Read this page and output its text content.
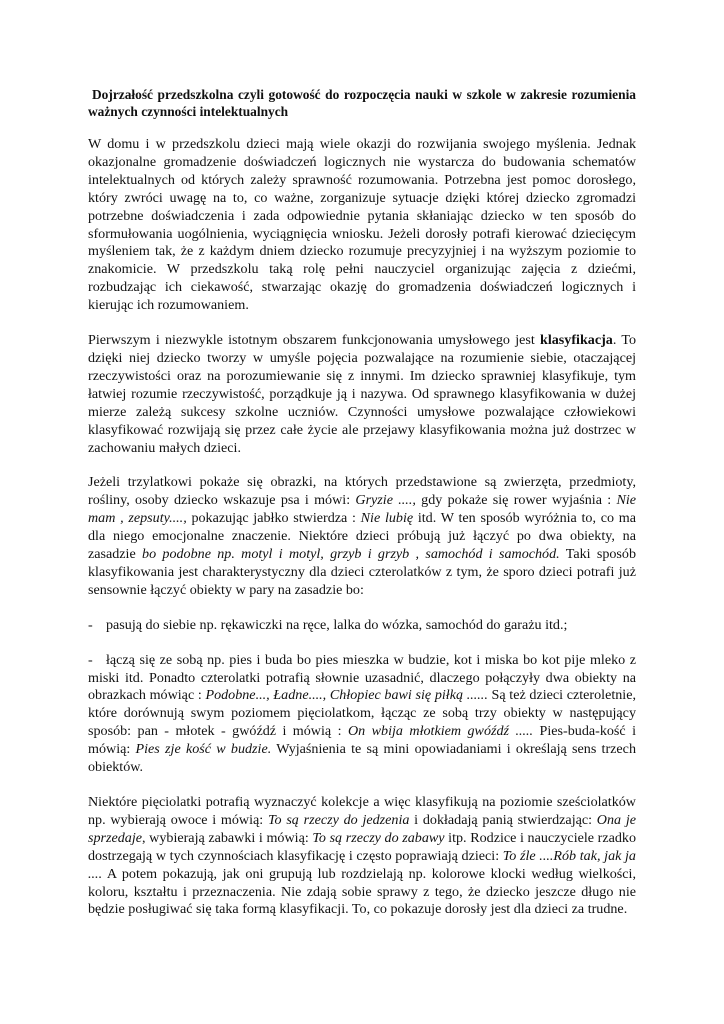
Dojrzałość przedszkolna czyli gotowość do rozpoczęcia nauki w szkole w zakresie rozumienia ważnych czynności intelektualnych

W domu i w przedszkolu dzieci mają wiele okazji do rozwijania swojego myślenia. Jednak okazjonalne gromadzenie doświadczeń logicznych nie wystarcza do budowania schematów intelektualnych od których zależy sprawność rozumowania. Potrzebna jest pomoc dorosłego, który zwróci uwagę na to, co ważne, zorganizuje sytuacje dzięki której dziecko zgromadzi potrzebne doświadczenia i zada odpowiednie pytania skłaniając dziecko w ten sposób do sformułowania uogólnienia, wyciągnięcia wniosku. Jeżeli dorosły potrafi kierować dziecięcym myśleniem tak, że z każdym dniem dziecko rozumuje precyzyjniej i na wyższym poziomie to znakomicie. W przedszkolu taką rolę pełni nauczyciel organizując zajęcia z dziećmi, rozbudzając ich ciekawość, stwarzając okazję do gromadzenia doświadczeń logicznych i kierując ich rozumowaniem.

Pierwszym i niezwykle istotnym obszarem funkcjonowania umysłowego jest klasyfikacja. To dzięki niej dziecko tworzy w umyśle pojęcia pozwalające na rozumienie siebie, otaczającej rzeczywistości oraz na porozumiewanie się z innymi. Im dziecko sprawniej klasyfikuje, tym łatwiej rozumie rzeczywistość, porządkuje ją i nazywa. Od sprawnego klasyfikowania w dużej mierze zależą sukcesy szkolne uczniów. Czynności umysłowe pozwalające człowiekowi klasyfikować rozwijają się przez całe życie ale przejawy klasyfikowania można już dostrzec w zachowaniu małych dzieci.

Jeżeli trzylatkowi pokaże się obrazki, na których przedstawione są zwierzęta, przedmioty, rośliny, osoby dziecko wskazuje psa i mówi: Gryzie ...., gdy pokaże się rower wyjaśnia : Nie mam , zepsuty...., pokazując jabłko stwierdza : Nie lubię itd. W ten sposób wyróżnia to, co ma dla niego emocjonalne znaczenie. Niektóre dzieci próbują już łączyć po dwa obiekty, na zasadzie bo podobne np. motyl i motyl, grzyb i grzyb , samochód i samochód. Taki sposób klasyfikowania jest charakterystyczny dla dzieci czterolatków z tym, że sporo dzieci potrafi już sensownie łączyć obiekty w pary na zasadzie bo:

- pasują do siebie np. rękawiczki na ręce, lalka do wózka, samochód do garażu itd.;

- łączą się ze sobą np. pies i buda bo pies mieszka w budzie, kot i miska bo kot pije mleko z miski itd. Ponadto czterolatki potrafią słownie uzasadnić, dlaczego połączyły dwa obiekty na obrazkach mówiąc : Podobne..., Ładne...., Chłopiec bawi się piłką ...... Są też dzieci czteroletnie, które dorównują swym poziomem pięciolatkom, łącząc ze sobą trzy obiekty w następujący sposób: pan - młotek - gwóźdź i mówią : On wbija młotkiem gwóźdź ..... Pies-buda-kość i mówią: Pies zje kość w budzie. Wyjaśnienia te są mini opowiadaniami i określają sens trzech obiektów.

Niektóre pięciolatki potrafią wyznaczyć kolekcje a więc klasyfikują na poziomie sześciolatków np. wybierają owoce i mówią: To są rzeczy do jedzenia i dokładają panią stwierdzając: Ona je sprzedaje, wybierają zabawki i mówią: To są rzeczy do zabawy itp. Rodzice i nauczyciele rzadko dostrzegają w tych czynnościach klasyfikację i często poprawiają dzieci: To źle ....Rób tak, jak ja .... A potem pokazują, jak oni grupują lub rozdzielają np. kolorowe klocki według wielkości, koloru, kształtu i przeznaczenia. Nie zdają sobie sprawy z tego, że dziecko jeszcze długo nie będzie posługiwać się taka formą klasyfikacji. To, co pokazuje dorosły jest dla dzieci za trudne.
